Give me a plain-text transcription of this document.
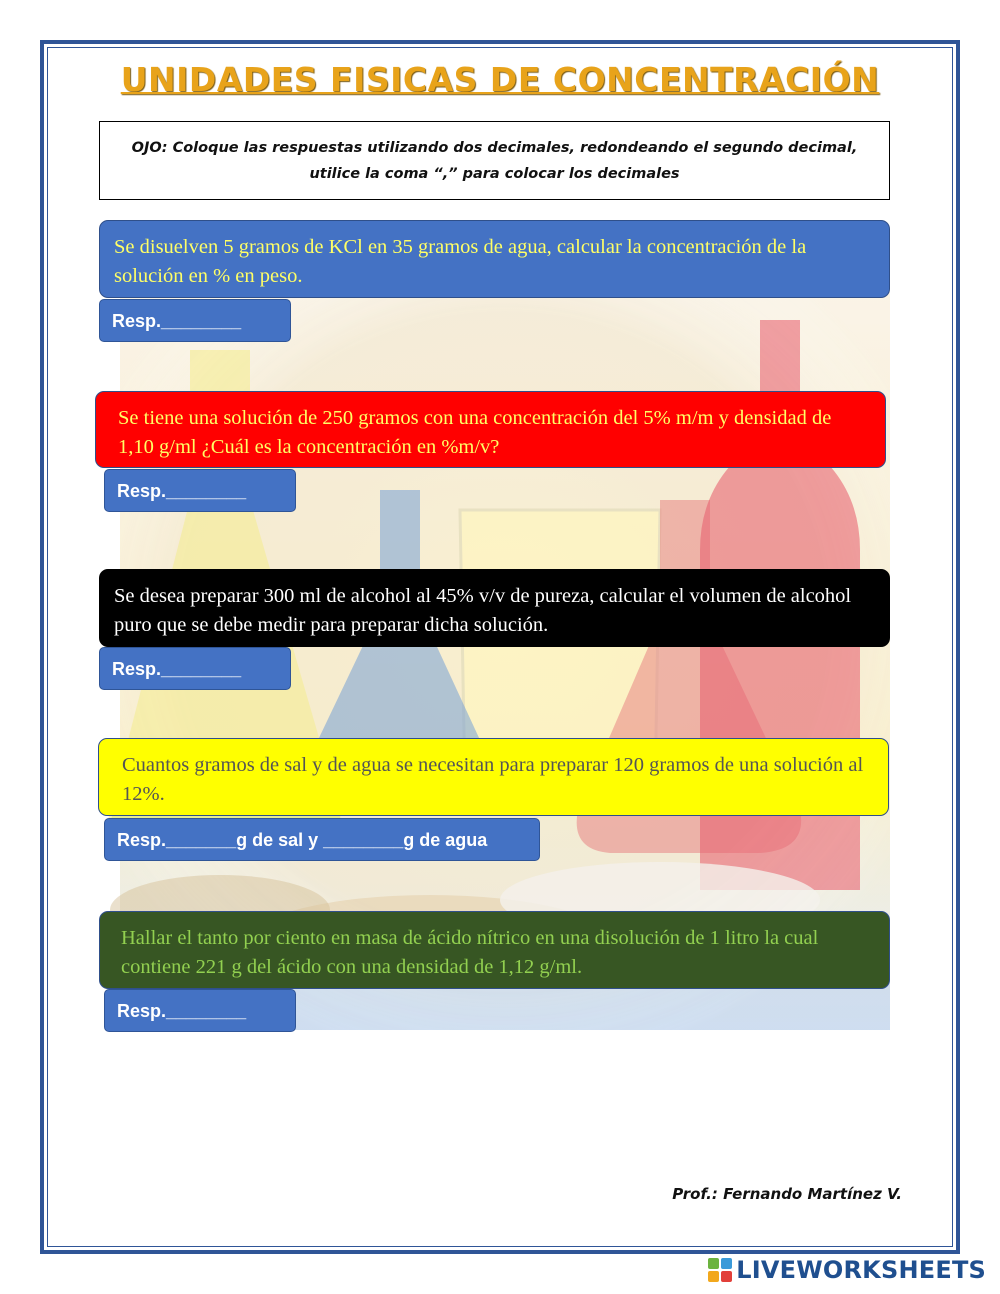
UNIDADES FISICAS DE CONCENTRACIÓN
OJO: Coloque las respuestas utilizando dos decimales, redondeando el segundo decimal, utilice la coma “,” para colocar los decimales
Se disuelven 5 gramos de KCl en 35 gramos de agua, calcular la concentración de la solución en % en peso.
Resp.________
Se tiene una solución de 250 gramos con una concentración del 5% m/m y densidad de 1,10 g/ml ¿Cuál es la concentración en %m/v?
Resp.________
Se desea preparar 300 ml de alcohol al 45% v/v de pureza, calcular el volumen de alcohol puro que se debe medir para preparar dicha solución.
Resp.________
Cuantos gramos de sal y de agua se necesitan para preparar 120 gramos de una solución al 12%.
Resp._______g de sal y ________g de agua
Hallar el tanto por ciento en masa de ácido nítrico en una disolución de 1 litro la cual contiene 221 g del ácido con una densidad de 1,12 g/ml.
Resp.________
Prof.: Fernando Martínez V.
LIVEWORKSHEETS
